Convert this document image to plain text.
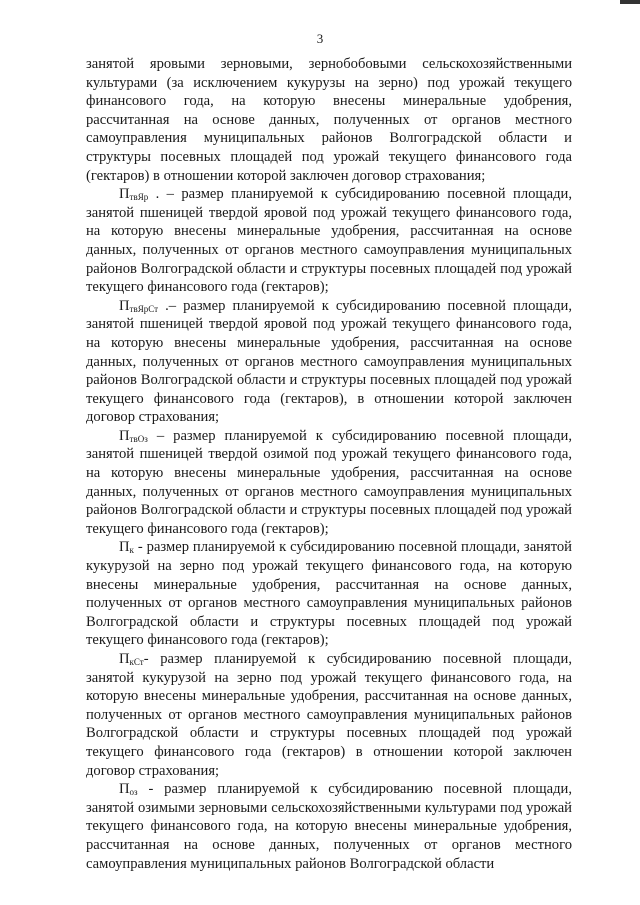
3

занятой яровыми зерновыми, зернобобовыми сельскохозяйственными культурами (за исключением кукурузы на зерно) под урожай текущего финансового года, на которую внесены минеральные удобрения, рассчитанная на основе данных, полученных от органов местного самоуправления муниципальных районов Волгоградской области и структуры посевных площадей под урожай текущего финансового года (гектаров) в отношении которой заключен договор страхования;

$П_{твЯр}$ . – размер планируемой к субсидированию посевной площади, занятой пшеницей твердой яровой под урожай текущего финансового года, на которую внесены минеральные удобрения, рассчитанная на основе данных, полученных от органов местного самоуправления муниципальных районов Волгоградской области и структуры посевных площадей под урожай текущего финансового года (гектаров);

$П_{твЯрСт}$ .– размер планируемой к субсидированию посевной площади, занятой пшеницей твердой яровой под урожай текущего финансового года, на которую внесены минеральные удобрения, рассчитанная на основе данных, полученных от органов местного самоуправления муниципальных районов Волгоградской области и структуры посевных площадей под урожай текущего финансового года (гектаров), в отношении которой заключен договор страхования;

$П_{твОз}$ – размер планируемой к субсидированию посевной площади, занятой пшеницей твердой озимой под урожай текущего финансового года, на которую внесены минеральные удобрения, рассчитанная на основе данных, полученных от органов местного самоуправления муниципальных районов Волгоградской области и структуры посевных площадей под урожай текущего финансового года (гектаров);

$П_к$ - размер планируемой к субсидированию посевной площади, занятой кукурузой на зерно под урожай текущего финансового года, на которую внесены минеральные удобрения, рассчитанная на основе данных, полученных от органов местного самоуправления муниципальных районов Волгоградской области и структуры посевных площадей под урожай текущего финансового года (гектаров);

$П_{кСт}-$ размер планируемой к субсидированию посевной площади, занятой кукурузой на зерно под урожай текущего финансового года, на которую внесены минеральные удобрения, рассчитанная на основе данных, полученных от органов местного самоуправления муниципальных районов Волгоградской области и структуры посевных площадей под урожай текущего финансового года (гектаров) в отношении которой заключен договор страхования;

$П_{оз}$ - размер планируемой к субсидированию посевной площади, занятой озимыми зерновыми сельскохозяйственными культурами под урожай текущего финансового года, на которую внесены минеральные удобрения, рассчитанная на основе данных, полученных от органов местного самоуправления муниципальных районов Волгоградской области
